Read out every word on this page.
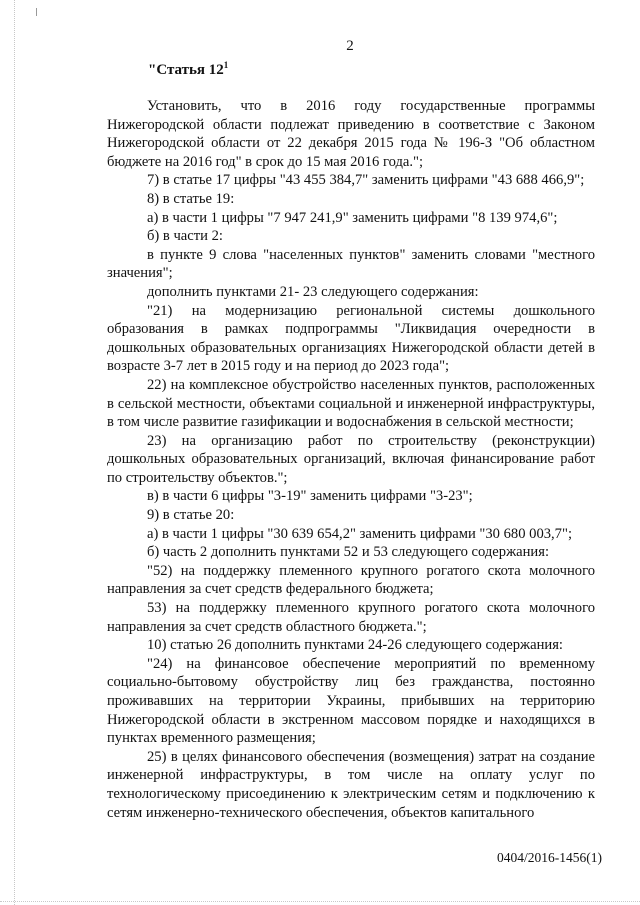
2
"Статья $12^1$

Установить, что в 2016 году государственные программы Нижегородской области подлежат приведению в соответствие с Законом Нижегородской области от 22 декабря 2015 года № 196-З "Об областном бюджете на 2016 год" в срок до 15 мая 2016 года.";

7) в статье 17 цифры "43 455 384,7" заменить цифрами "43 688 466,9";

8) в статье 19:

а) в части 1 цифры "7 947 241,9" заменить цифрами "8 139 974,6";

б) в части 2:

в пункте 9 слова "населенных пунктов" заменить словами "местного значения";

дополнить пунктами 21- 23 следующего содержания:

"21) на модернизацию региональной системы дошкольного образования в рамках подпрограммы "Ликвидация очередности в дошкольных образовательных организациях Нижегородской области детей в возрасте 3-7 лет в 2015 году и на период до 2023 года";

22) на комплексное обустройство населенных пунктов, расположенных в сельской местности, объектами социальной и инженерной инфраструктуры, в том числе развитие газификации и водоснабжения в сельской местности;

23) на организацию работ по строительству (реконструкции) дошкольных образовательных организаций, включая финансирование работ по строительству объектов.";

в) в части 6 цифры "3-19" заменить цифрами "3-23";

9) в статье 20:

а) в части 1 цифры "30 639 654,2" заменить цифрами "30 680 003,7";

б) часть 2 дополнить пунктами 52 и 53 следующего содержания:

"52) на поддержку племенного крупного рогатого скота молочного направления за счет средств федерального бюджета;

53) на поддержку племенного крупного рогатого скота молочного направления за счет средств областного бюджета.";

10) статью 26 дополнить пунктами 24-26 следующего содержания:

"24) на финансовое обеспечение мероприятий по временному социально-бытовому обустройству лиц без гражданства, постоянно проживавших на территории Украины, прибывших на территорию Нижегородской области в экстренном массовом порядке и находящихся в пунктах временного размещения;

25) в целях финансового обеспечения (возмещения) затрат на создание инженерной инфраструктуры, в том числе на оплату услуг по технологическому присоединению к электрическим сетям и подключению к сетям инженерно-технического обеспечения, объектов капитального

0404/2016-1456(1)
